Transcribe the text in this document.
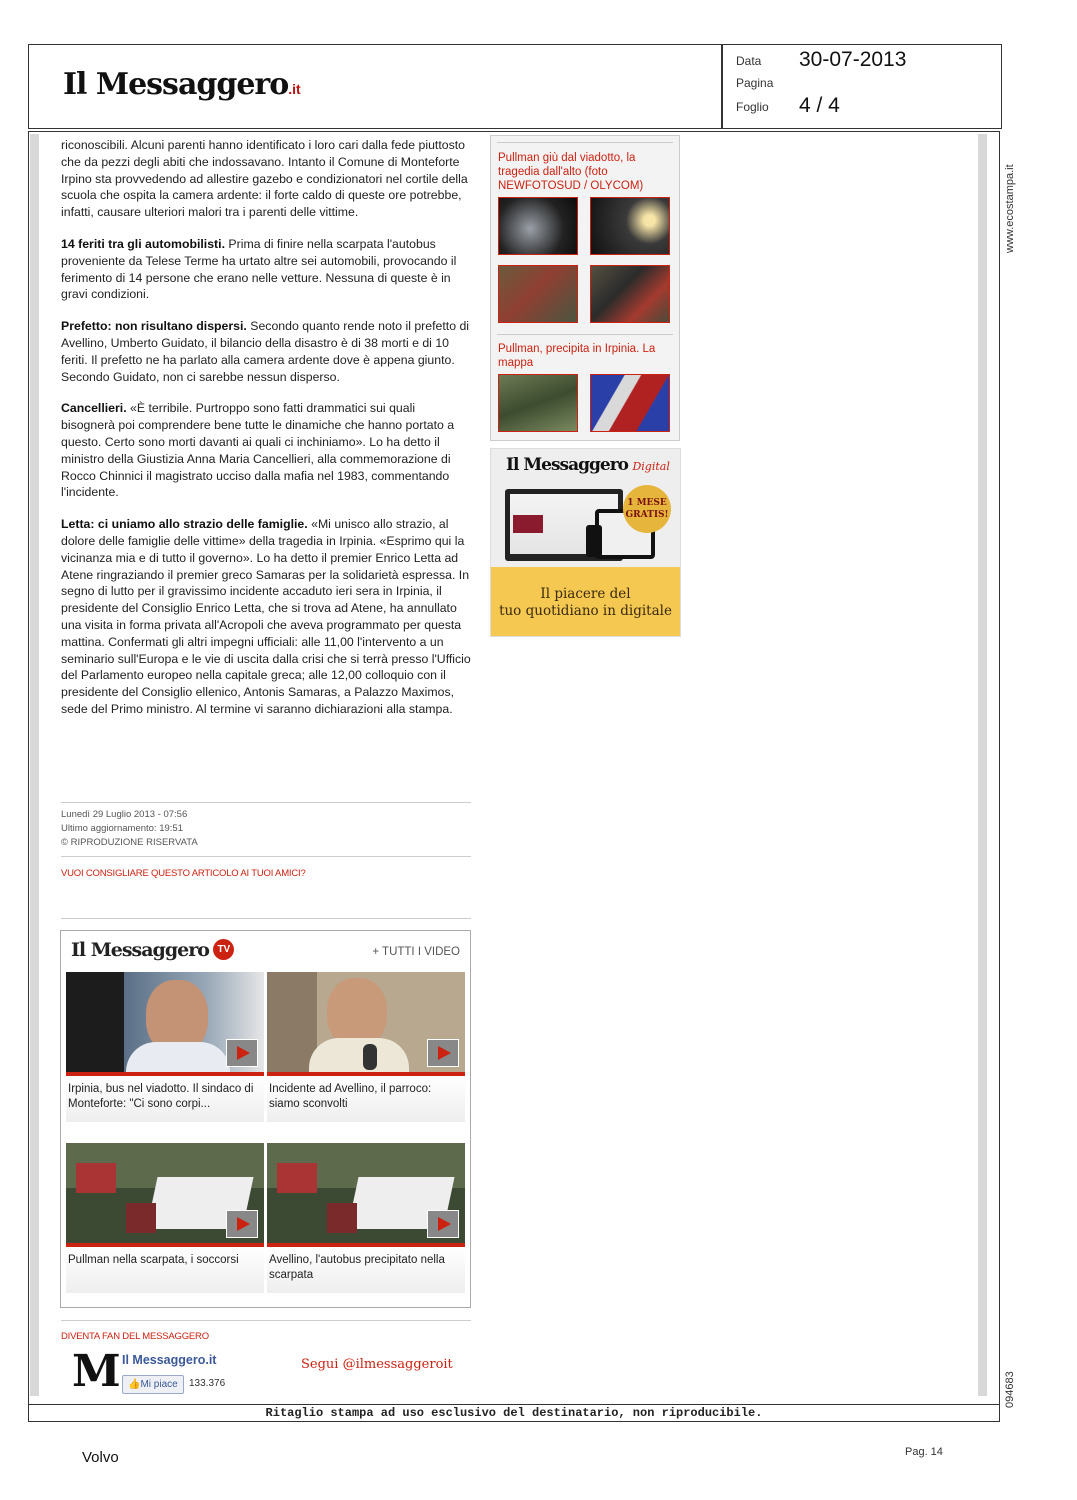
Il Messaggero.it
Data 30-07-2013
Pagina
Foglio 4 / 4
www.ecostampa.it
094683

riconoscibili. Alcuni parenti hanno identificato i loro cari dalla fede piuttosto che da pezzi degli abiti che indossavano. Intanto il Comune di Monteforte Irpino sta provvedendo ad allestire gazebo e condizionatori nel cortile della scuola che ospita la camera ardente: il forte caldo di queste ore potrebbe, infatti, causare ulteriori malori tra i parenti delle vittime.

14 feriti tra gli automobilisti. Prima di finire nella scarpata l'autobus proveniente da Telese Terme ha urtato altre sei automobili, provocando il ferimento di 14 persone che erano nelle vetture. Nessuna di queste è in gravi condizioni.

Prefetto: non risultano dispersi. Secondo quanto rende noto il prefetto di Avellino, Umberto Guidato, il bilancio della disastro è di 38 morti e di 10 feriti. Il prefetto ne ha parlato alla camera ardente dove è appena giunto. Secondo Guidato, non ci sarebbe nessun disperso.

Cancellieri. «È terribile. Purtroppo sono fatti drammatici sui quali bisognerà poi comprendere bene tutte le dinamiche che hanno portato a questo. Certo sono morti davanti ai quali ci inchiniamo». Lo ha detto il ministro della Giustizia Anna Maria Cancellieri, alla commemorazione di Rocco Chinnici il magistrato ucciso dalla mafia nel 1983, commentando l'incidente.

Letta: ci uniamo allo strazio delle famiglie. «Mi unisco allo strazio, al dolore delle famiglie delle vittime» della tragedia in Irpinia. «Esprimo qui la vicinanza mia e di tutto il governo». Lo ha detto il premier Enrico Letta ad Atene ringraziando il premier greco Samaras per la solidarietà espressa. In segno di lutto per il gravissimo incidente accaduto ieri sera in Irpinia, il presidente del Consiglio Enrico Letta, che si trova ad Atene, ha annullato una visita in forma privata all'Acropoli che aveva programmato per questa mattina. Confermati gli altri impegni ufficiali: alle 11,00 l'intervento a un seminario sull'Europa e le vie di uscita dalla crisi che si terrà presso l'Ufficio del Parlamento europeo nella capitale greca; alle 12,00 colloquio con il presidente del Consiglio ellenico, Antonis Samaras, a Palazzo Maximos, sede del Primo ministro. Al termine vi saranno dichiarazioni alla stampa.

Lunedì 29 Luglio 2013 - 07:56
Ultimo aggiornamento: 19:51
© RIPRODUZIONE RISERVATA
VUOI CONSIGLIARE QUESTO ARTICOLO AI TUOI AMICI?
Il Messaggero TV	+ TUTTI I VIDEO
Irpinia, bus nel viadotto. Il sindaco di Monteforte: "Ci sono corpi...
Incidente ad Avellino, il parroco: siamo sconvolti
Pullman nella scarpata, i soccorsi	Avellino, l'autobus precipitato nella scarpata
DIVENTA FAN DEL MESSAGGERO
M Il Messaggero.it
👍Mi piace	133.376
Segui @ilmessaggeroit
Pullman giù dal viadotto, la tragedia dall'alto (foto NEWFOTOSUD / OLYCOM)
Pullman, precipita in Irpinia. La mappa
Il Messaggero Digital
1 MESE
GRATIS!
Il piacere del
tuo quotidiano in digitale
Ritaglio stampa ad uso esclusivo del destinatario, non riproducibile.
Volvo	Pag. 14
